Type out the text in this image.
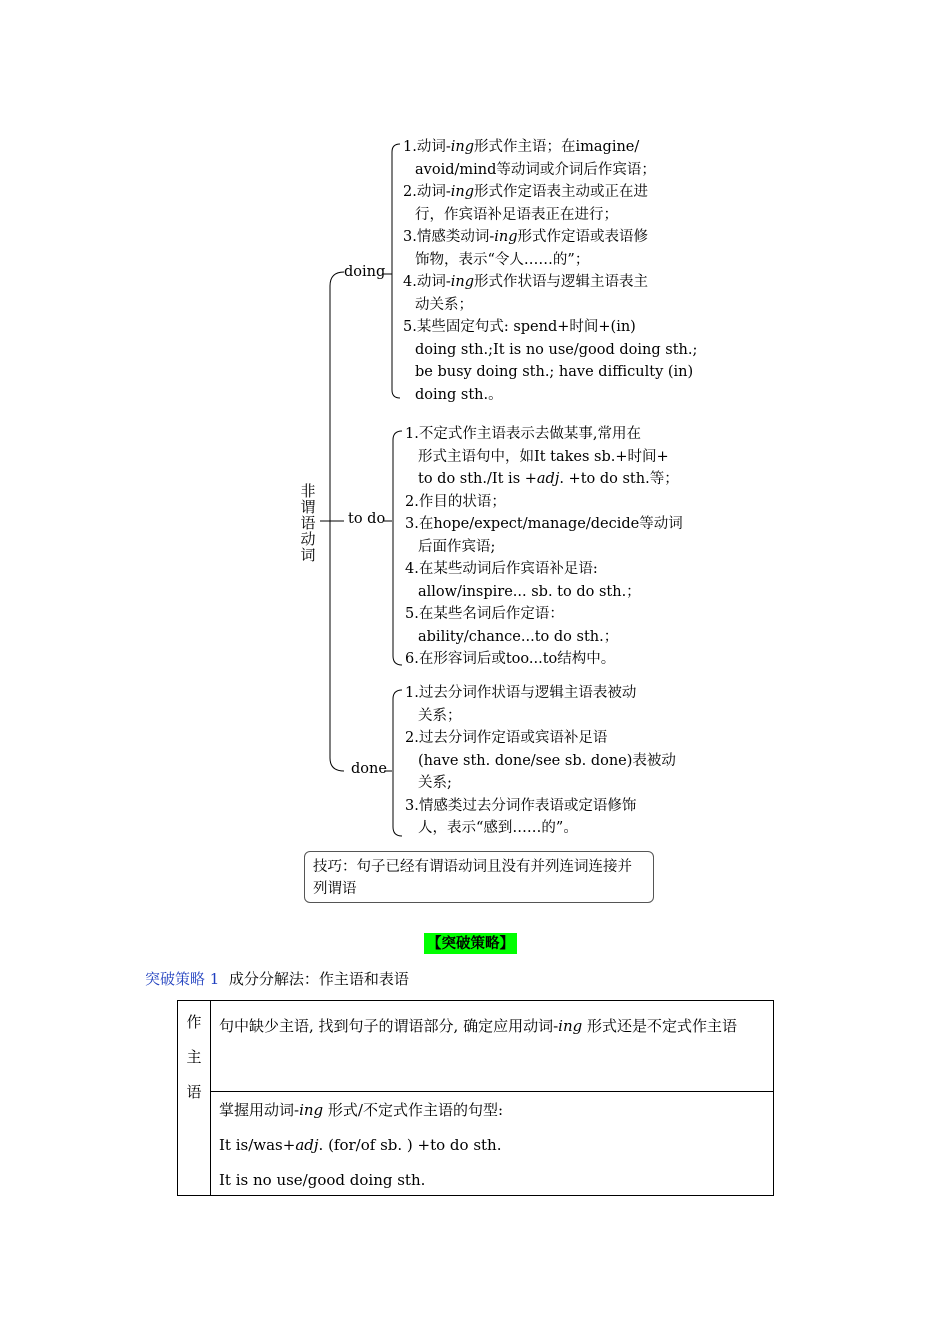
非
谓
语
动
词
doing
to do
done
1.动词-ing形式作主语；在imagine/
avoid/mind等动词或介词后作宾语；
2.动词-ing形式作定语表主动或正在进
行，作宾语补足语表正在进行；
3.情感类动词-ing形式作定语或表语修
饰物，表示“令人……的”；
4.动词-ing形式作状语与逻辑主语表主
动关系；
5.某些固定句式: spend+时间+(in)
doing sth.;It is no use/good doing sth.;
be busy doing sth.; have difficulty (in)
doing sth.。
1.不定式作主语表示去做某事,常用在
形式主语句中，如It takes sb.+时间+
to do sth./It is +adj. +to do sth.等；
2.作目的状语；
3.在hope/expect/manage/decide等动词
后面作宾语;
4.在某些动词后作宾语补足语:
allow/inspire... sb. to do sth.；
5.在某些名词后作定语：
ability/chance...to do sth.；
6.在形容词后或too...to结构中。
1.过去分词作状语与逻辑主语表被动
关系；
2.过去分词作定语或宾语补足语
(have sth. done/see sb. done)表被动
关系;
3.情感类过去分词作表语或定语修饰
人，表示“感到……的”。
技巧：句子已经有谓语动词且没有并列连词连接并列谓语
【突破策略】
突破策略 1 成分分解法：作主语和表语
作
主
语
句中缺少主语, 找到句子的谓语部分, 确定应用动词-ing 形式还是不定式作主语
掌握用动词-ing 形式/不定式作主语的句型:
It is/was+adj. (for/of sb. ) +to do sth.
It is no use/good doing sth.
